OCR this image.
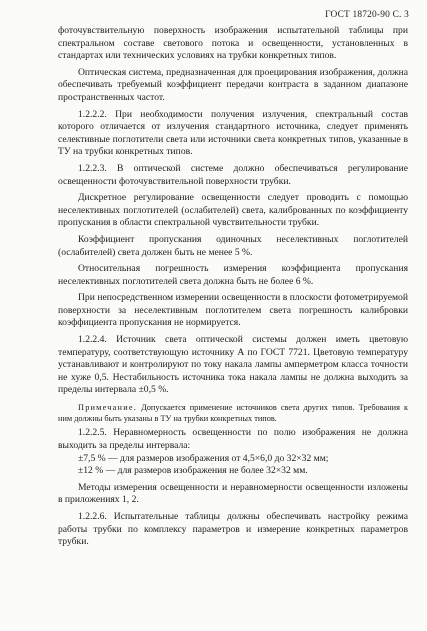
ГОСТ 18720-90 С. 3

фоточувствительную поверхность изображения испытательной таблицы при спектральном составе светового потока и освещенности, установленных в стандартах или технических условиях на трубки конкретных типов.

Оптическая система, предназначенная для проецирования изображения, должна обеспечивать требуемый коэффициент передачи контраста в заданном диапазоне пространственных частот.

1.2.2.2. При необходимости получения излучения, спектральный состав которого отличается от излучения стандартного источника, следует применять селективные поглотители света или источники света конкретных типов, указанные в ТУ на трубки конкретных типов.

1.2.2.3. В оптической системе должно обеспечиваться регулирование освещенности фоточувствительной поверхности трубки.

Дискретное регулирование освещенности следует проводить с помощью неселективных поглотителей (ослабителей) света, калиброванных по коэффициенту пропускания в области спектральной чувствительности трубки.

Коэффициент пропускания одиночных неселективных поглотителей (ослабителей) света должен быть не менее 5 %.

Относительная погрешность измерения коэффициента пропускания неселективных поглотителей света должна быть не более 6 %.

При непосредственном измерении освещенности в плоскости фотометрируемой поверхности за неселективным поглотителем света погрешность калибровки коэффициента пропускания не нормируется.

1.2.2.4. Источник света оптической системы должен иметь цветовую температуру, соответствующую источнику А по ГОСТ 7721. Цветовую температуру устанавливают и контролируют по току накала лампы амперметром класса точности не хуже 0,5. Нестабильность источника тока накала лампы не должна выходить за пределы интервала ±0,5 %.

Примечание. Допускается применение источников света других типов. Требования к ним должны быть указаны в ТУ на трубки конкретных типов.

1.2.2.5. Неравномерность освещенности по полю изображения не должна выходить за пределы интервала:

±7,5 % — для размеров изображения от 4,5×6,0 до 32×32 мм;

±12 % — для размеров изображения не более 32×32 мм.

Методы измерения освещенности и неравномерности освещенности изложены в приложениях 1, 2.

1.2.2.6. Испытательные таблицы должны обеспечивать настройку режима работы трубки по комплексу параметров и измерение конкретных параметров трубки.
